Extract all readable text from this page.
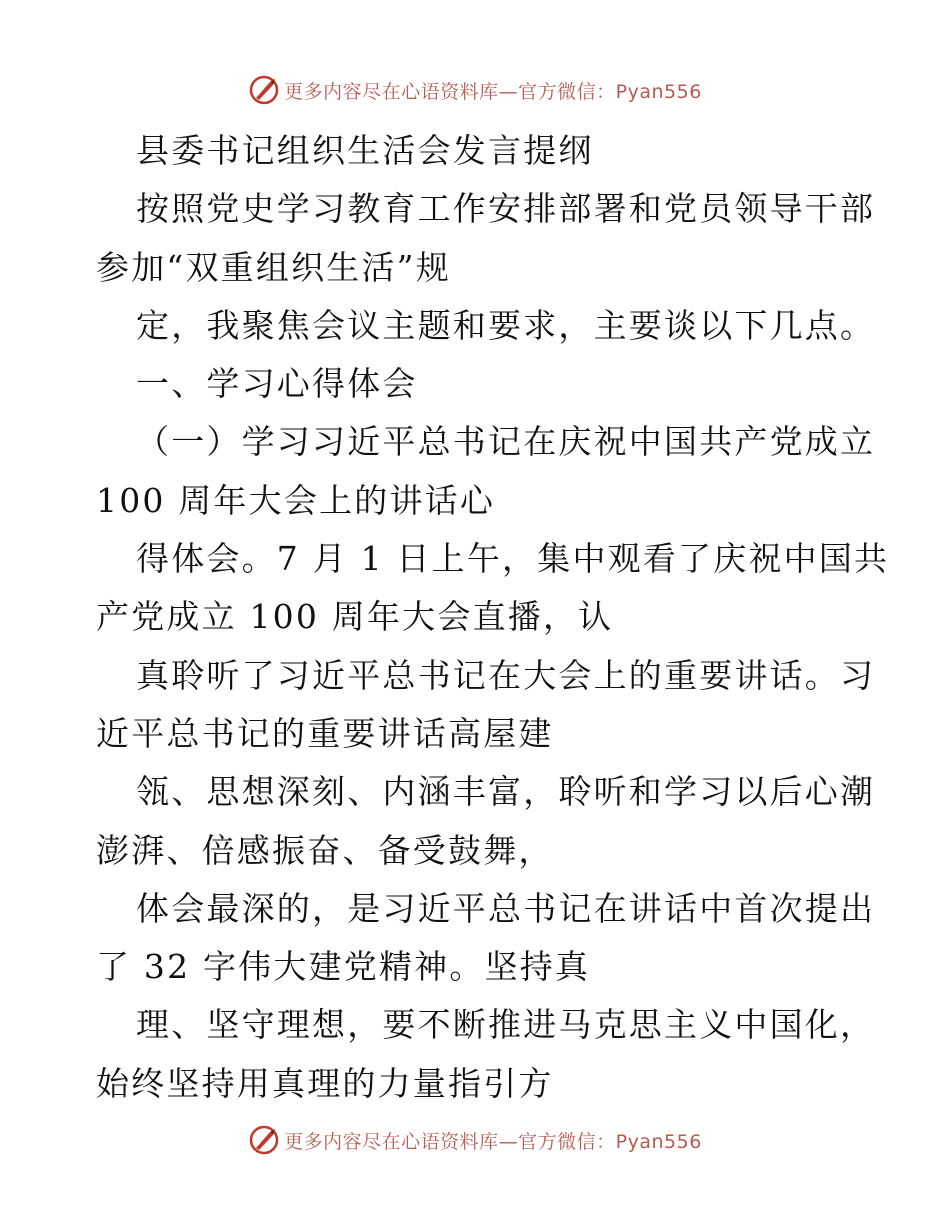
更多内容尽在心语资料库—官方微信：Pyan556
县委书记组织生活会发言提纲
按照党史学习教育工作安排部署和党员领导干部
参加“双重组织生活”规
定，我聚焦会议主题和要求，主要谈以下几点。
一、学习心得体会
（一）学习习近平总书记在庆祝中国共产党成立
100 周年大会上的讲话心
得体会。7 月 1 日上午，集中观看了庆祝中国共
产党成立 100 周年大会直播，认
真聆听了习近平总书记在大会上的重要讲话。习
近平总书记的重要讲话高屋建
瓴、思想深刻、内涵丰富，聆听和学习以后心潮
澎湃、倍感振奋、备受鼓舞，
体会最深的，是习近平总书记在讲话中首次提出
了 32 字伟大建党精神。坚持真
理、坚守理想，要不断推进马克思主义中国化，
始终坚持用真理的力量指引方
更多内容尽在心语资料库—官方微信：Pyan556
